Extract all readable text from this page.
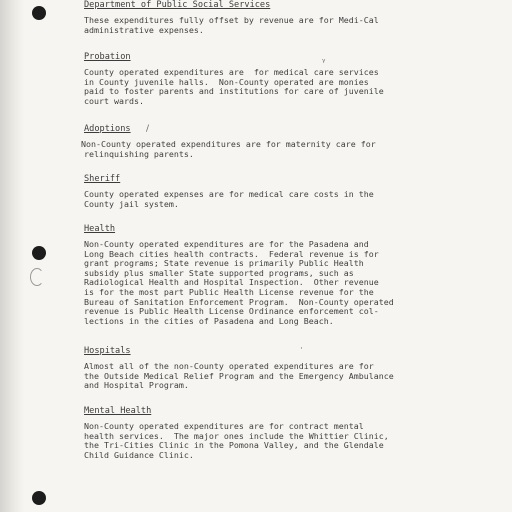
ᵞ
/
·
Department of Public Social Services
These expenditures fully offset by revenue are for Medi-Cal
administrative expenses.
Probation
County operated expenditures are  for medical care services
in County juvenile halls.  Non-County operated are monies
paid to foster parents and institutions for care of juvenile
court wards.
Adoptions
Non-County operated expenditures are for maternity care for
relinquishing parents.
Sheriff
County operated expenses are for medical care costs in the
County jail system.
Health
Non-County operated expenditures are for the Pasadena and
Long Beach cities health contracts.  Federal revenue is for
grant programs; State revenue is primarily Public Health
subsidy plus smaller State supported programs, such as
Radiological Health and Hospital Inspection.  Other revenue
is for the most part Public Health License revenue for the
Bureau of Sanitation Enforcement Program.  Non-County operated
revenue is Public Health License Ordinance enforcement col-
lections in the cities of Pasadena and Long Beach.
Hospitals
Almost all of the non-County operated expenditures are for
the Outside Medical Relief Program and the Emergency Ambulance
and Hospital Program.
Mental Health
Non-County operated expenditures are for contract mental
health services.  The major ones include the Whittier Clinic,
the Tri-Cities Clinic in the Pomona Valley, and the Glendale
Child Guidance Clinic.
